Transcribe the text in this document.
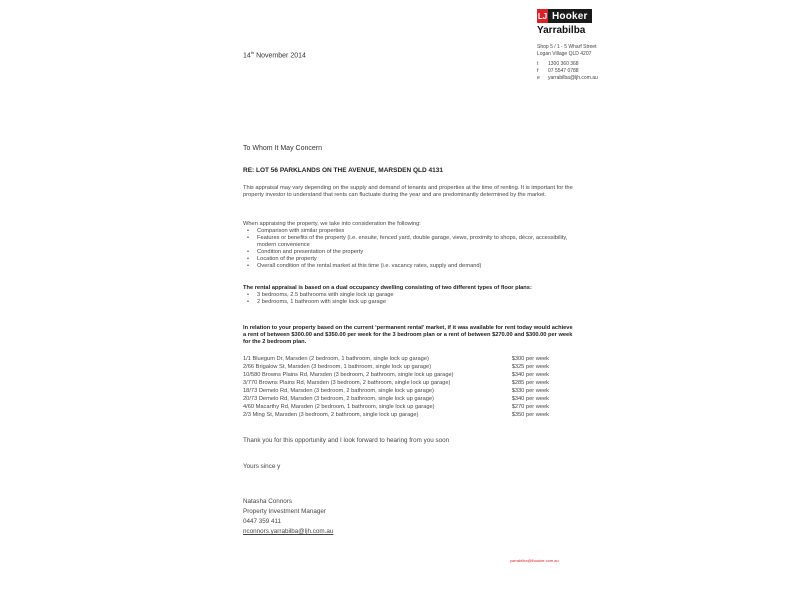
LJ Hooker
Yarrabilba
Shop 5 / 1 - 5 Wharf Street
Logan Village QLD 4207
t	1300 360 368
f	07 5547 0788
e yarrabilba@ljh.com.au
14th November 2014
To Whom It May Concern
RE: LOT 56 PARKLANDS ON THE AVENUE, MARSDEN QLD 4131
This appraisal may vary depending on the supply and demand of tenants and properties at the time of renting. It is important for the property investor to understand that rents can fluctuate during the year and are predominantly determined by the market.
When appraising the property, we take into consideration the following:
• Comparison with similar properties
• Features or benefits of the property (i.e. ensuite, fenced yard, double garage, views, proximity to shops, décor, accessibility, modern convenience
• Condition and presentation of the property
• Location of the property
• Overall condition of the rental market at this time (i.e. vacancy rates, supply and demand)
The rental appraisal is based on a dual occupancy dwelling consisting of two different types of floor plans:
• 3 bedrooms, 2.5 bathrooms with single lock up garage
• 2 bedrooms, 1 bathroom with single lock up garage
In relation to your property based on the current ‘permanent rental’ market, if it was available for rent today would achieve a rent of between $300.00 and $350.00 per week for the 3 bedroom plan or a rent of between $270.00 and $300.00 per week for the 2 bedroom plan.
1/1 Bluegum Dr, Marsden (2 bedroom, 1 bathroom, single lock up garage)	$300 per week
2/66 Brigalow St, Marsden (3 bedroom, 1 bathroom, single lock up garage)	$325 per week
10/580 Browns Plains Rd, Marsden (3 bedroom, 2 bathroom, single lock up garage)	$340 per week
3/770 Browns Plains Rd, Marsden (3 bedroom, 2 bathroom, single lock up garage)	$285 per week
18/73 Demelo Rd, Marsden (3 bedroom, 2 bathroom, single lock up garage)	$330 per week
20/73 Demelo Rd, Marsden (3 bedroom, 2 bathroom, single lock up garage)	$340 per week
4/60 Macarthy Rd, Marsden (2 bedroom, 1 bathroom, single lock up garage)	$270 per week
2/3 Ming St, Marsden (3 bedroom, 2 bathroom, single lock up garage)	$350 per week
Thank you for this opportunity and I look forward to hearing from you soon
Yours since y
Natasha Connors
Property Investment Manager
0447 359 411
nconnors.yarrabilba@ljh.com.au
yarrabilba@lhooker.com.au
